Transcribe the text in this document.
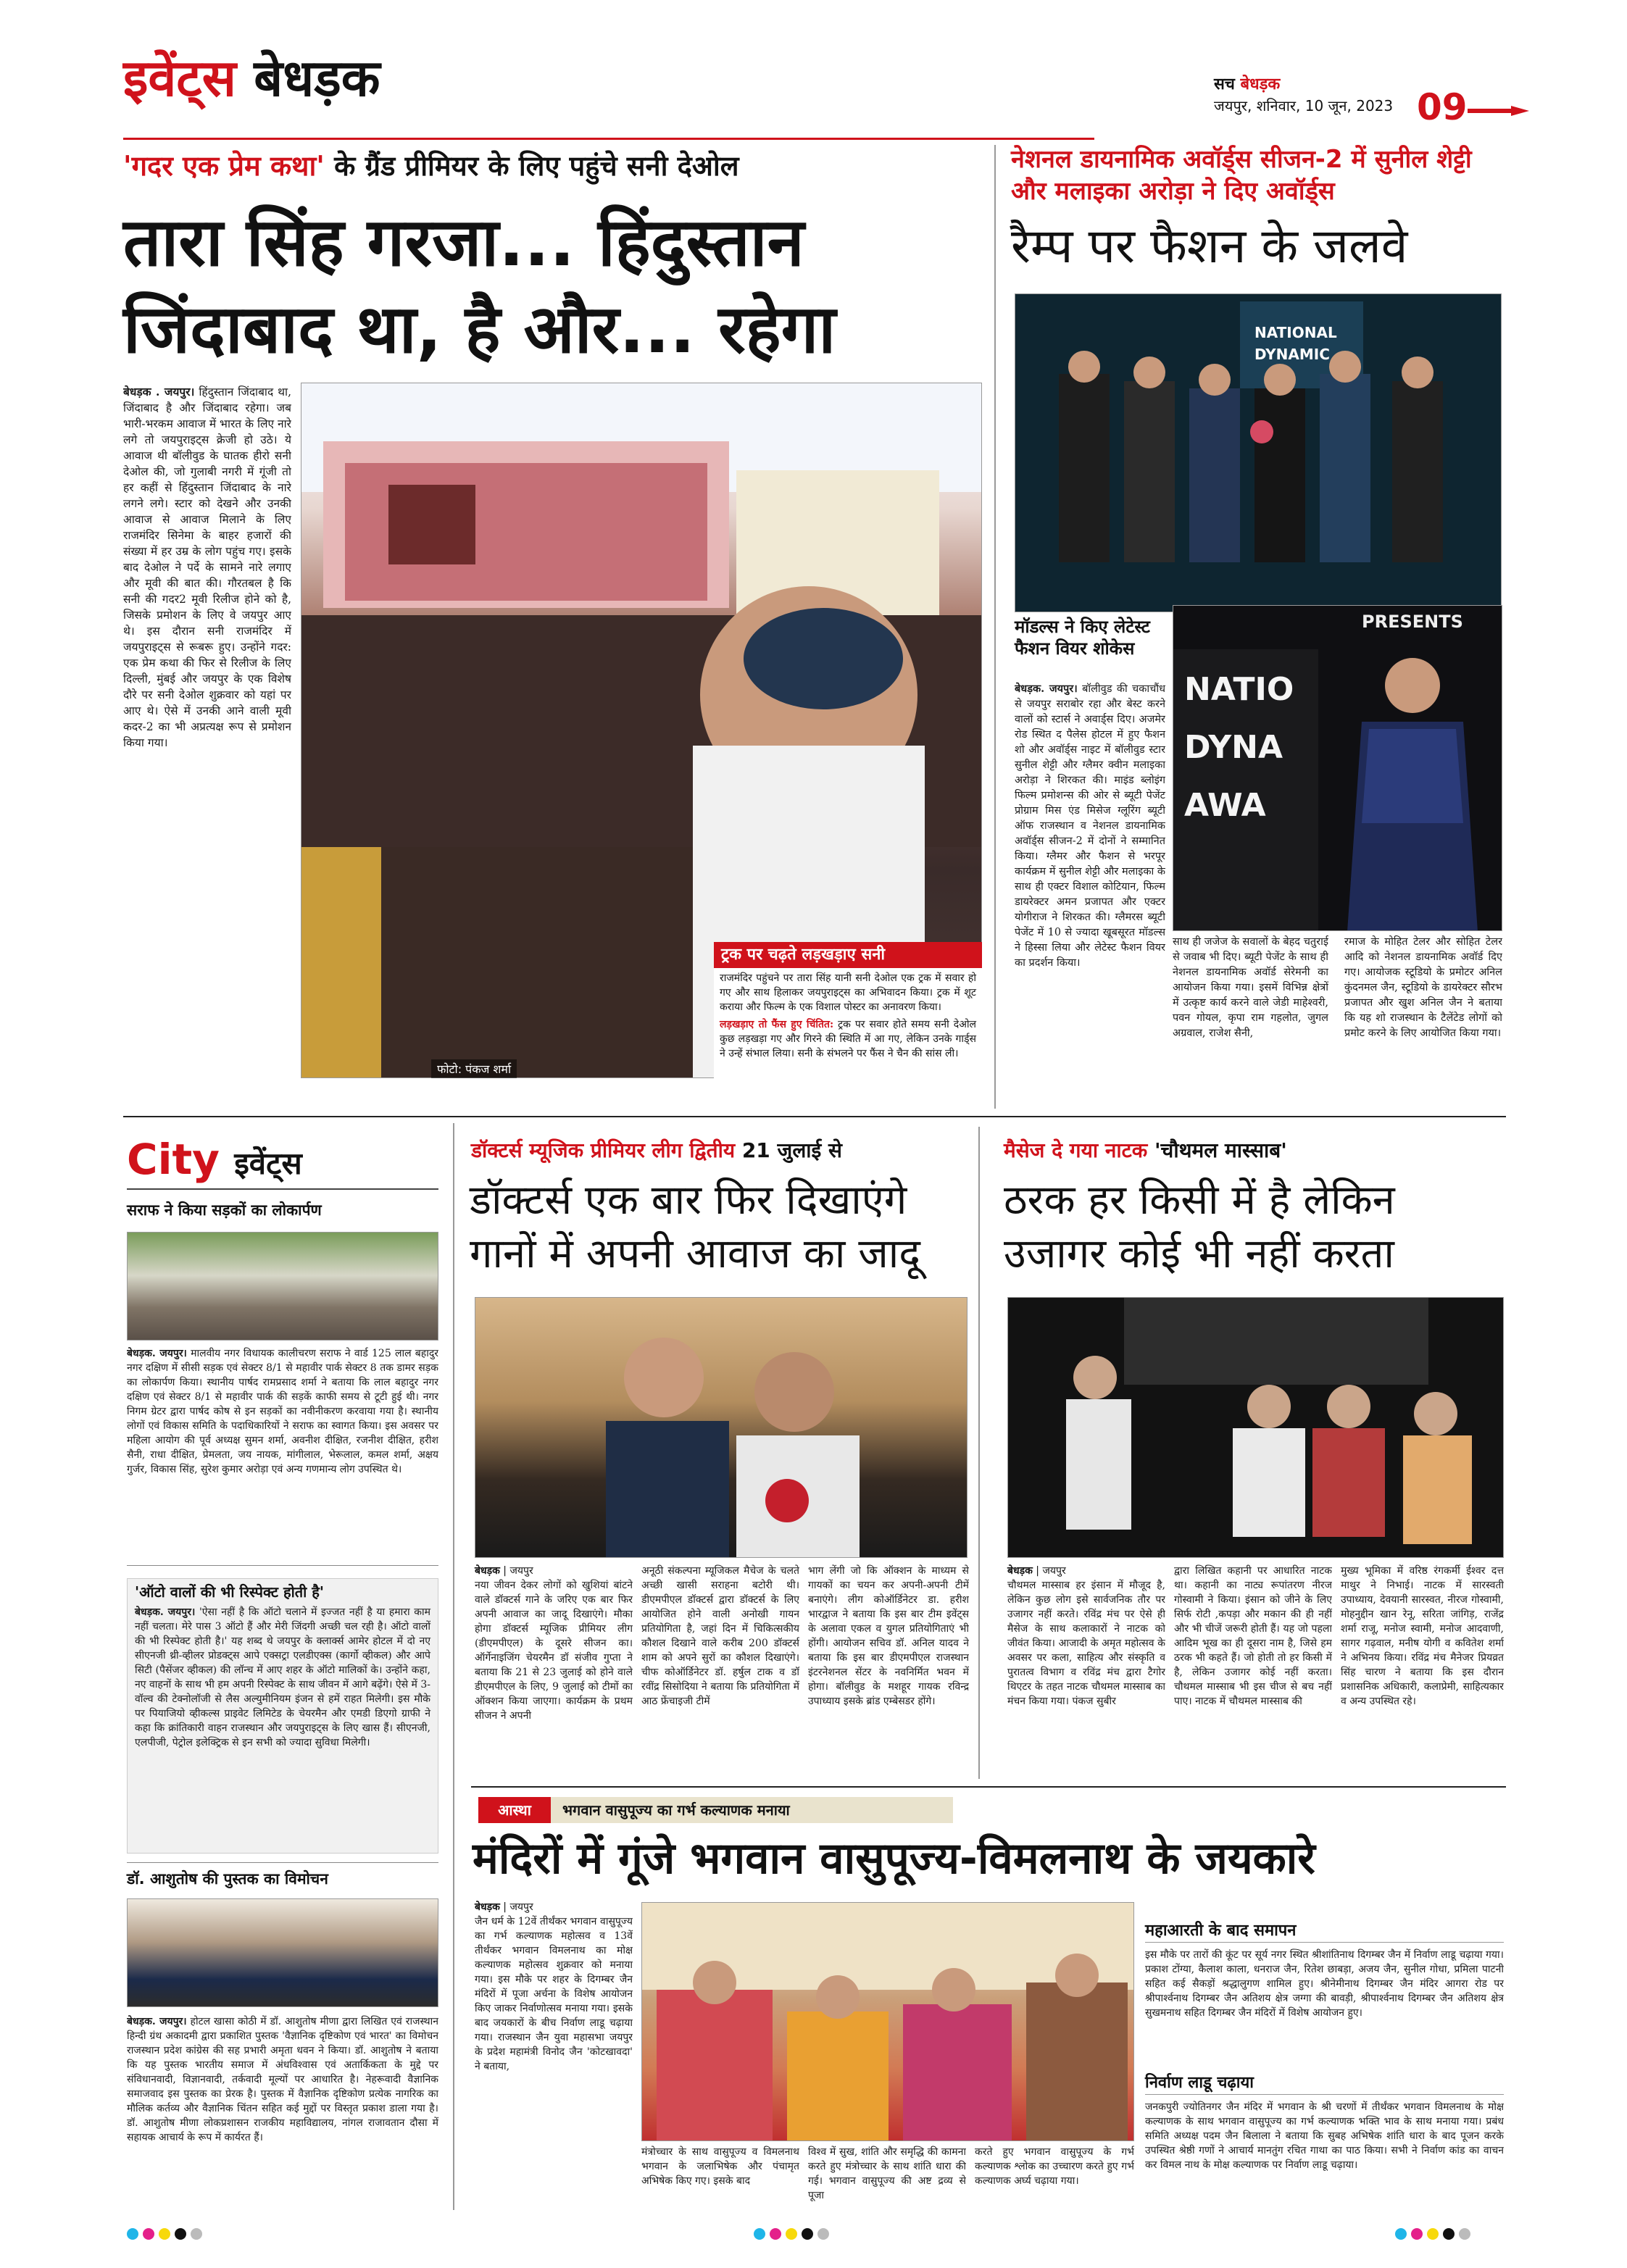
इवेंट्स बेधड़क	सच बेधड़क
जयपुर, शनिवार, 10 जून, 2023 09
'गदर एक प्रेम कथा' के ग्रैंड प्रीमियर के लिए पहुंचे सनी देओल
तारा सिंह गरजा... हिंदुस्तान
जिंदाबाद था, है और... रहेगा
बेधड़क . जयपुर। हिंदुस्तान जिंदाबाद था, जिंदाबाद है और जिंदाबाद रहेगा। जब भारी-भरकम आवाज में भारत के लिए नारे लगे तो जयपुराइट्स क्रेजी हो उठे। ये आवाज थी बॉलीवुड के घातक हीरो सनी देओल की, जो गुलाबी नगरी में गूंजी तो हर कहीं से हिंदुस्तान जिंदाबाद के नारे लगने लगे। स्टार को देखने और उनकी आवाज से आवाज मिलाने के लिए राजमंदिर सिनेमा के बाहर हजारों की संख्या में हर उम्र के लोग पहुंच गए। इसके बाद देओल ने पर्दे के सामने नारे लगाए और मूवी की बात की। गौरतबल है कि सनी की गदर2 मूवी रिलीज होने को है, जिसके प्रमोशन के लिए वे जयपुर आए थे। इस दौरान सनी राजमंदिर में जयपुराइट्स से रूबरू हुए। उन्होंने गदर: एक प्रेम कथा की फिर से रिलीज के लिए दिल्ली, मुंबई और जयपुर के एक विशेष दौरे पर सनी देओल शुक्रवार को यहां पर आए थे। ऐसे में उनकी आने वाली मूवी कदर-2 का भी अप्रत्यक्ष रूप से प्रमोशन किया गया।
फोटो: पंकज शर्मा
ट्रक पर चढ़ते लड़खड़ाए सनी
राजमंदिर पहुंचने पर तारा सिंह यानी सनी देओल एक ट्रक में सवार हो गए और साथ हिलाकर जयपुराइट्स का अभिवादन किया। ट्रक में शूट कराया और फिल्म के एक विशाल पोस्टर का अनावरण किया।
लड़खड़ाए तो फैंस हुए चिंतित: ट्रक पर सवार होते समय सनी देओल कुछ लड़खड़ा गए और गिरने की स्थिति में आ गए, लेकिन उनके गार्ड्स ने उन्हें संभाल लिया। सनी के संभलने पर फैंस ने चैन की सांस ली।
नेशनल डायनामिक अवॉर्ड्स सीजन-2 में सुनील शेट्टी और मलाइका अरोड़ा ने दिए अवॉर्ड्स
रैम्प पर फैशन के जलवे
NATIONAL
DYNAMIC
मॉडल्स ने किए लेटेस्ट फैशन वियर शोकेस
बेधड़क. जयपुर। बॉलीवुड की चकाचौंध से जयपुर सराबोर रहा और बेस्ट करने वालों को स्टार्स ने अवार्ड्स दिए। अजमेर रोड स्थित द पैलेस होटल में हुए फैशन शो और अवॉर्ड्स नाइट में बॉलीवुड स्टार सुनील शेट्टी और ग्लैमर क्वीन मलाइका अरोड़ा ने शिरकत की। माइंड ब्लोइंग फिल्म प्रमोशन्स की ओर से ब्यूटी पेजेंट प्रोग्राम मिस एंड मिसेज ग्लूरिंग ब्यूटी ऑफ राजस्थान व नेशनल डायनामिक अवॉर्ड्स सीजन-2 में दोनों ने सम्मानित किया। ग्लैमर और फैशन से भरपूर कार्यक्रम में सुनील शेट्टी और मलाइका के साथ ही एक्टर विशाल कोटियान, फिल्म डायरेक्टर अमन प्रजापत और एक्टर योगीराज ने शिरकत की। ग्लैमरस ब्यूटी पेजेंट में 10 से ज्यादा खूबसूरत मॉडल्स ने हिस्सा लिया और लेटेस्ट फैशन वियर का प्रदर्शन किया।
NATIO
DYNA
AWA
PRESENTS
साथ ही जजेज के सवालों के बेहद चतुराई से जवाब भी दिए। ब्यूटी पेजेंट के साथ ही नेशनल डायनामिक अवॉर्ड सेरेमनी का आयोजन किया गया। इसमें विभिन्न क्षेत्रों में उत्कृष्ट कार्य करने वाले जेडी माहेश्वरी, पवन गोयल, कृपा राम गहलोत, जुगल अग्रवाल, राजेश सैनी,
रमाज के मोहित टेलर और सोहित टेलर आदि को नेशनल डायनामिक अवॉर्ड दिए गए। आयोजक स्टूडियो के प्रमोटर अनिल कुंदनमल जैन, स्टूडियो के डायरेक्टर सौरभ प्रजापत और खुश अनिल जैन ने बताया कि यह शो राजस्थान के टैलेंटेड लोगों को प्रमोट करने के लिए आयोजित किया गया।
City इवेंट्स
सराफ ने किया सड़कों का लोकार्पण
बेधड़क. जयपुर। मालवीय नगर विधायक कालीचरण सराफ ने वार्ड 125 लाल बहादुर नगर दक्षिण में सीसी सड़क एवं सेक्टर 8/1 से महावीर पार्क सेक्टर 8 तक डामर सड़क का लोकार्पण किया। स्थानीय पार्षद रामप्रसाद शर्मा ने बताया कि लाल बहादुर नगर दक्षिण एवं सेक्टर 8/1 से महावीर पार्क की सड़कें काफी समय से टूटी हुई थी। नगर निगम ग्रेटर द्वारा पार्षद कोष से इन सड़कों का नवीनीकरण करवाया गया है। स्थानीय लोगों एवं विकास समिति के पदाधिकारियों ने सराफ का स्वागत किया। इस अवसर पर महिला आयोग की पूर्व अध्यक्ष सुमन शर्मा, अवनीश दीक्षित, रजनीश दीक्षित, हरीश सैनी, राधा दीक्षित, प्रेमलता, जय नायक, मांगीलाल, भेरूलाल, कमल शर्मा, अक्षय गुर्जर, विकास सिंह, सुरेश कुमार अरोड़ा एवं अन्य गणमान्य लोग उपस्थित थे।
'ऑटो वालों की भी रिस्पेक्ट होती है'
बेधड़क. जयपुर। 'ऐसा नहीं है कि ऑटो चलाने में इज्जत नहीं है या हमारा काम नहीं चलता। मेरे पास 3 ऑटो हैं और मेरी जिंदगी अच्छी चल रही है। ऑटो वालों की भी रिस्पेक्ट होती है।' यह शब्द थे जयपुर के क्लार्क्स आमेर होटल में दो नए सीएनजी थ्री-व्हीलर प्रोडक्ट्स आपे एक्सट्रा एलडीएक्स (कार्गो व्हीकल) और आपे सिटी (पैसेंजर व्हीकल) की लॉन्च में आए शहर के ऑटो मालिकों के। उन्होंने कहा, नए वाहनों के साथ भी हम अपनी रिस्पेक्ट के साथ जीवन में आगे बढ़ेंगे। ऐसे में 3-वॉल्व की टेक्नोलॉजी से लैस अल्युमीनियम इंजन से हमें राहत मिलेगी। इस मौके पर पियाजियो व्हीकल्स प्राइवेट लिमिटेड के चेयरमैन और एमडी डिएगो ग्राफी ने कहा कि क्रांतिकारी वाहन राजस्थान और जयपुराइट्स के लिए खास हैं। सीएनजी, एलपीजी, पेट्रोल इलेक्ट्रिक से इन सभी को ज्यादा सुविधा मिलेगी।
डॉ. आशुतोष की पुस्तक का विमोचन
बेधड़क. जयपुर। होटल खासा कोठी में डॉ. आशुतोष मीणा द्वारा लिखित एवं राजस्थान हिन्दी ग्रंथ अकादमी द्वारा प्रकाशित पुस्तक 'वैज्ञानिक दृष्टिकोण एवं भारत' का विमोचन राजस्थान प्रदेश कांग्रेस की सह प्रभारी अमृता धवन ने किया। डॉ. आशुतोष ने बताया कि यह पुस्तक भारतीय समाज में अंधविश्वास एवं अतार्किकता के मुद्दे पर संविधानवादी, विज्ञानवादी, तर्कवादी मूल्यों पर आधारित है। नेहरूवादी वैज्ञानिक समाजवाद इस पुस्तक का प्रेरक है। पुस्तक में वैज्ञानिक दृष्टिकोण प्रत्येक नागरिक का मौलिक कर्तव्य और वैज्ञानिक चिंतन सहित कई मुद्दों पर विस्तृत प्रकाश डाला गया है। डॉ. आशुतोष मीणा लोकप्रशासन राजकीय महाविद्यालय, नांगल राजावतान दौसा में सहायक आचार्य के रूप में कार्यरत हैं।
डॉक्टर्स म्यूजिक प्रीमियर लीग द्वितीय 21 जुलाई से
डॉक्टर्स एक बार फिर दिखाएंगे
गानों में अपनी आवाज का जादू
बेधड़क | जयपुर
नया जीवन देकर लोगों को खुशियां बांटने वाले डॉक्टर्स गाने के जरिए एक बार फिर अपनी आवाज का जादू दिखाएंगे। मौका होगा डॉक्टर्स म्यूजिक प्रीमियर लीग (डीएमपीएल) के दूसरे सीजन का। ऑर्गेनाइजिंग चेयरमैन डॉ संजीव गुप्ता ने बताया कि 21 से 23 जुलाई को होने वाले डीएमपीएल के लिए, 9 जुलाई को टीमों का ऑक्शन किया जाएगा। कार्यक्रम के प्रथम सीजन ने अपनी
अनूठी संकल्पना म्यूजिकल मैचेज के चलते अच्छी खासी सराहना बटोरी थी। डीएमपीएल डॉक्टर्स द्वारा डॉक्टर्स के लिए आयोजित होने वाली अनोखी गायन प्रतियोगिता है, जहां दिन में चिकित्सकीय कौशल दिखाने वाले करीब 200 डॉक्टर्स शाम को अपने सुरों का कौशल दिखाएंगे। चीफ कोऑर्डिनेटर डॉ. हर्षुल टाक व डॉ रवींद्र सिसोदिया ने बताया कि प्रतियोगिता में आठ फ्रेंचाइजी टीमें
भाग लेंगी जो कि ऑक्शन के माध्यम से गायकों का चयन कर अपनी-अपनी टीमें बनाएंगे। लीग कोऑर्डिनेटर डा. हरीश भारद्वाज ने बताया कि इस बार टीम इवेंट्स के अलावा एकल व युगल प्रतियोगिताएं भी होंगी। आयोजन सचिव डॉ. अनिल यादव ने बताया कि इस बार डीएमपीएल राजस्थान इंटरनेशनल सेंटर के नवनिर्मित भवन में होगा। बॉलीवुड के मशहूर गायक रविन्द्र उपाध्याय इसके ब्रांड एम्बेसडर होंगे।
मैसेज दे गया नाटक 'चौथमल मास्साब'
ठरक हर किसी में है लेकिन
उजागर कोई भी नहीं करता
बेधड़क | जयपुर
चौथमल मास्साब हर इंसान में मौजूद है, लेकिन कुछ लोग इसे सार्वजनिक तौर पर उजागर नहीं करते। रविंद्र मंच पर ऐसे ही मैसेज के साथ कलाकारों ने नाटक को जीवंत किया। आजादी के अमृत महोत्सव के अवसर पर कला, साहित्य और संस्कृति व पुरातत्व विभाग व रविंद्र मंच द्वारा टैगोर थिएटर के तहत नाटक चौथमल मास्साब का मंचन किया गया। पंकज सुबीर
द्वारा लिखित कहानी पर आधारित नाटक था। कहानी का नाट्य रूपांतरण नीरज गोस्वामी ने किया। इंसान को जीने के लिए सिर्फ रोटी ,कपड़ा और मकान की ही नहीं और भी चीजें जरूरी होती हैं। यह जो पहला आदिम भूख का ही दूसरा नाम है, जिसे हम ठरक भी कहते हैं। जो होती तो हर किसी में है, लेकिन उजागर कोई नहीं करता। चौथमल मास्साब भी इस चीज से बच नहीं पाए। नाटक में चौथमल मास्साब की
मुख्य भूमिका में वरिष्ठ रंगकर्मी ईश्वर दत्त माथुर ने निभाई। नाटक में सारस्वती उपाध्याय, देवयानी सारस्वत, नीरज गोस्वामी, मोहनुद्दीन खान रेनू, सरिता जांगिड़, राजेंद्र शर्मा राजू, मनोज स्वामी, मनोज आदवाणी, सागर गढ़वाल, मनीष योगी व कवितेश शर्मा ने अभिनय किया। रविंद्र मंच मैनेजर प्रियव्रत सिंह चारण ने बताया कि इस दौरान प्रशासनिक अधिकारी, कलाप्रेमी, साहित्यकार व अन्य उपस्थित रहे।
आस्था	भगवान वासुपूज्य का गर्भ कल्याणक मनाया
मंदिरों में गूंजे भगवान वासुपूज्य-विमलनाथ के जयकारे
बेधड़क | जयपुर
जैन धर्म के 12वें तीर्थंकर भगवान वासुपूज्य का गर्भ कल्याणक महोत्सव व 13वें तीर्थंकर भगवान विमलनाथ का मोक्ष कल्याणक महोत्सव शुक्रवार को मनाया गया। इस मौके पर शहर के दिगम्बर जैन मंदिरों में पूजा अर्चना के विशेष आयोजन किए जाकर निर्वाणोत्सव मनाया गया। इसके बाद जयकारों के बीच निर्वाण लाडू चढ़ाया गया। राजस्थान जैन युवा महासभा जयपुर के प्रदेश महामंत्री विनोद जैन 'कोटखावदा' ने बताया,
मंत्रोच्चार के साथ वासुपूज्य व विमलनाथ भगवान के जलाभिषेक और पंचामृत अभिषेक किए गए। इसके बाद
विश्व में सुख, शांति और समृद्धि की कामना करते हुए मंत्रोच्चार के साथ शांति धारा की गई। भगवान वासुपूज्य की अष्ट द्रव्य से पूजा
करते हुए भगवान वासुपूज्य के गर्भ कल्याणक श्लोक का उच्चारण करते हुए गर्भ कल्याणक अर्घ्य चढ़ाया गया।
महाआरती के बाद समापन
इस मौके पर तारों की कूंट पर सूर्य नगर स्थित श्रीशांतिनाथ दिगम्बर जैन में निर्वाण लाडू चढ़ाया गया। प्रकाश टोंग्या, कैलाश काला, धनराज जैन, रितेश छाबड़ा, अजय जैन, सुनील गोधा, प्रमिला पाटनी सहित कई सैकड़ों श्रद्धालुगण शामिल हुए। श्रीनेमीनाथ दिगम्बर जैन मंदिर आगरा रोड पर श्रीपार्श्वनाथ दिगम्बर जैन अतिशय क्षेत्र जग्गा की बावड़ी, श्रीपार्श्वनाथ दिगम्बर जैन अतिशय क्षेत्र सुखमनाथ सहित दिगम्बर जैन मंदिरों में विशेष आयोजन हुए।
निर्वाण लाडू चढ़ाया
जनकपुरी ज्योतिनगर जैन मंदिर में भगवान के श्री चरणों में तीर्थंकर भगवान विमलनाथ के मोक्ष कल्याणक के साथ भगवान वासुपूज्य का गर्भ कल्याणक भक्ति भाव के साथ मनाया गया। प्रबंध समिति अध्यक्ष पदम जैन बिलाला ने बताया कि सुबह अभिषेक शांति धारा के बाद पूजन करके उपस्थित श्रेष्ठी गणों ने आचार्य मानतुंग रचित गाथा का पाठ किया। सभी ने निर्वाण कांड का वाचन कर विमल नाथ के मोक्ष कल्याणक पर निर्वाण लाडू चढ़ाया।
